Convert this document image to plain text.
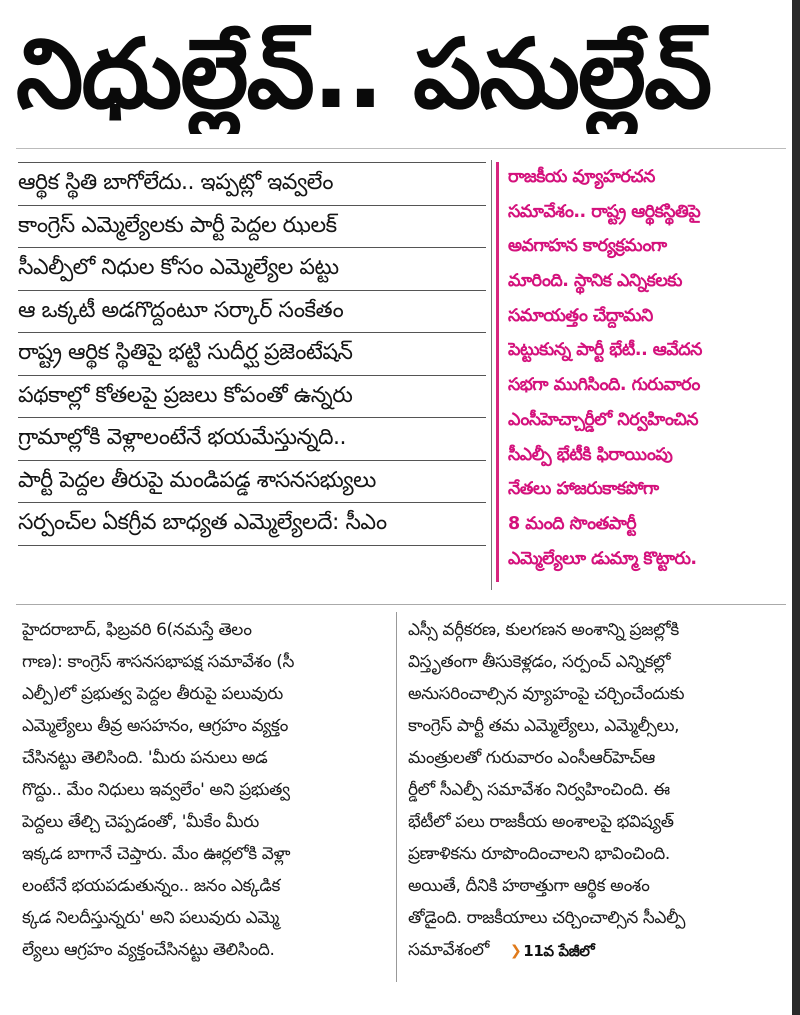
నిధుల్లేవ్.. పనుల్లేవ్
ఆర్థిక స్థితి బాగోలేదు.. ఇప్పట్లో ఇవ్వలేం
కాంగ్రెస్ ఎమ్మెల్యేలకు పార్టీ పెద్దల ఝలక్
సీఎల్పీలో నిధుల కోసం ఎమ్మెల్యేల పట్టు
ఆ ఒక్కటీ అడగొద్దంటూ సర్కార్ సంకేతం
రాష్ట్ర ఆర్థిక స్థితిపై భట్టి సుదీర్ఘ ప్రజెంటేషన్
పథకాల్లో కోతలపై ప్రజలు కోపంతో ఉన్నరు
గ్రామాల్లోకి వెళ్లాలంటేనే భయమేస్తున్నది..
పార్టీ పెద్దల తీరుపై మండిపడ్డ శాసనసభ్యులు
సర్పంచ్‌ల ఏకగ్రీవ బాధ్యత ఎమ్మెల్యేలదే: సీఎం
రాజకీయ వ్యూహరచన
సమావేశం.. రాష్ట్ర ఆర్థికస్థితిపై
అవగాహన కార్యక్రమంగా
మారింది. స్థానిక ఎన్నికలకు
సమాయత్తం చేద్దామని
పెట్టుకున్న పార్టీ భేటీ.. ఆవేదన
సభగా ముగిసింది. గురువారం
ఎంసీహెచ్చార్డీలో నిర్వహించిన
సీఎల్పీ భేటీకి ఫిరాయింపు
నేతలు హాజరుకాకపోగా
8 మంది సొంతపార్టీ
ఎమ్మెల్యేలూ డుమ్మా కొట్టారు.
హైదరాబాద్, ఫిబ్రవరి 6(నమస్తే తెలం
గాణ): కాంగ్రెస్ శాసనసభాపక్ష సమావేశం (సీ
ఎల్పీ)లో ప్రభుత్వ పెద్దల తీరుపై పలువురు
ఎమ్మెల్యేలు తీవ్ర అసహనం, ఆగ్రహం వ్యక్తం
చేసినట్టు తెలిసింది. 'మీరు పనులు అడ
గొద్దు.. మేం నిధులు ఇవ్వలేం' అని ప్రభుత్వ
పెద్దలు తేల్చి చెప్పడంతో, 'మీకేం మీరు
ఇక్కడ బాగానే చెప్తారు. మేం ఊర్లలోకి వెళ్లా
లంటేనే భయపడుతున్నం.. జనం ఎక్కడిక
క్కడ నిలదీస్తున్నరు' అని పలువురు ఎమ్మె
ల్యేలు ఆగ్రహం వ్యక్తంచేసినట్టు తెలిసింది.
ఎస్సీ వర్గీకరణ, కులగణన అంశాన్ని ప్రజల్లోకి
విస్తృతంగా తీసుకెళ్లడం, సర్పంచ్ ఎన్నికల్లో
అనుసరించాల్సిన వ్యూహంపై చర్చించేందుకు
కాంగ్రెస్ పార్టీ తమ ఎమ్మెల్యేలు, ఎమ్మెల్సీలు,
మంత్రులతో గురువారం ఎంసీఆర్‌హెచ్‌ఆ
ర్డీలో సీఎల్పీ సమావేశం నిర్వహించింది. ఈ
భేటీలో పలు రాజకీయ అంశాలపై భవిష్యత్
ప్రణాళికను రూపొందించాలని భావించింది.
అయితే, దీనికి హఠాత్తుగా ఆర్థిక అంశం
తోడైంది. రాజకీయాలు చర్చించాల్సిన సీఎల్పీ
సమావేశంలో ❯ 11వ పేజీలో
